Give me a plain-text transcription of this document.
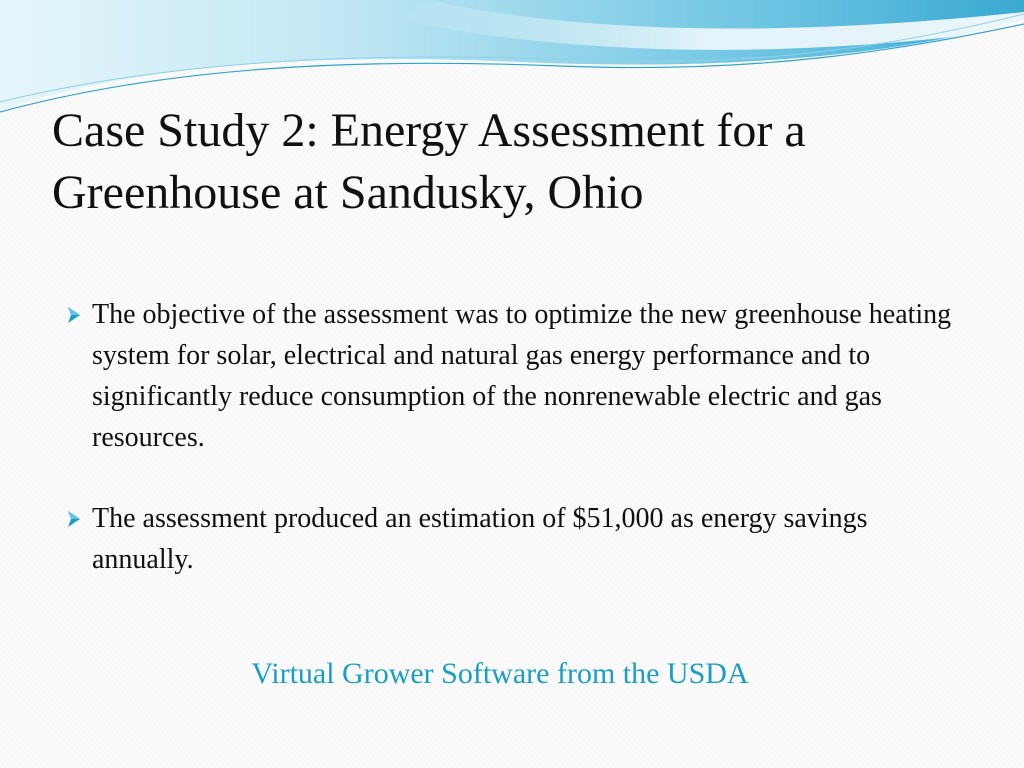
Case Study 2: Energy Assessment for a Greenhouse at Sandusky, Ohio
The objective of the assessment was to optimize the new greenhouse heating system for solar, electrical and natural gas energy performance and to significantly reduce consumption of the nonrenewable electric and gas resources.
The assessment produced an estimation of $51,000 as energy savings annually.
Virtual Grower Software from the USDA
